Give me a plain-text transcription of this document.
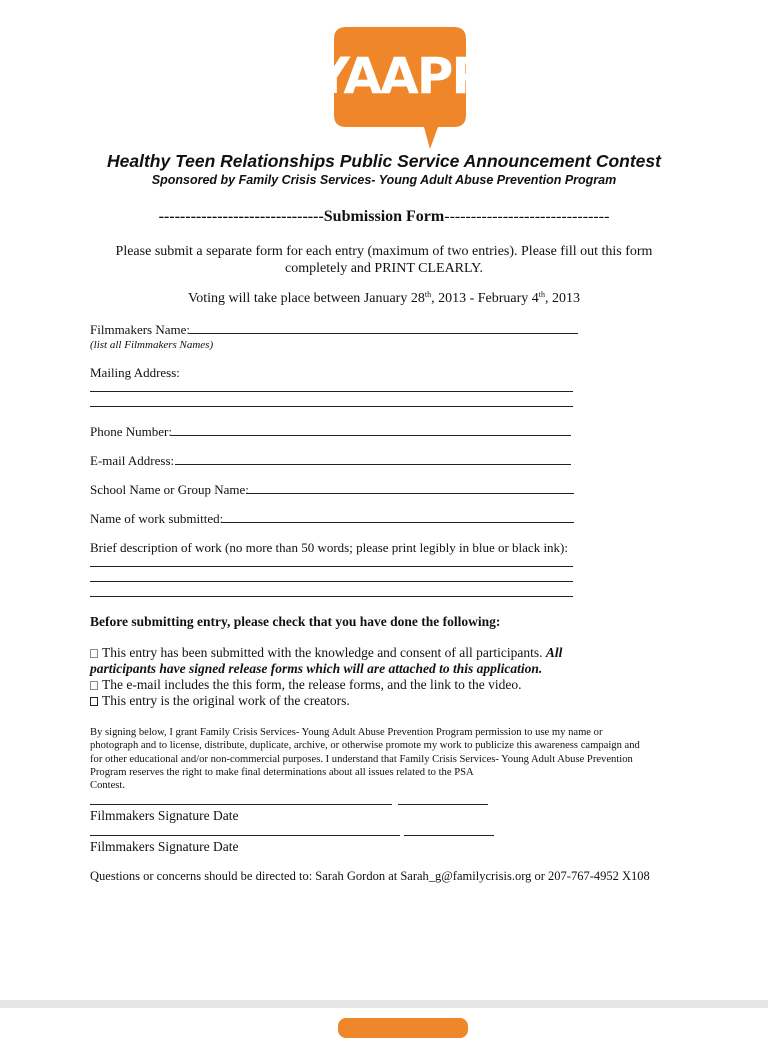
YAAPP
Healthy Teen Relationships Public Service Announcement Contest
Sponsored by Family Crisis Services- Young Adult Abuse Prevention Program
-------------------------------Submission Form-------------------------------
Please submit a separate form for each entry (maximum of two entries). Please fill out this form
completely and PRINT CLEARLY.
Voting will take place between January 28th, 2013 - February 4th, 2013
Filmmakers Name:
(list all Filmmakers Names)
Mailing Address:
Phone Number:
E-mail Address:
School Name or Group Name:
Name of work submitted:
Brief description of work (no more than 50 words; please print legibly in blue or black ink):
Before submitting entry, please check that you have done the following:
This entry has been submitted with the knowledge and consent of all participants. All
participants have signed release forms which will are attached to this application.
The e-mail includes the this form, the release forms, and the link to the video.
This entry is the original work of the creators.
By signing below, I grant Family Crisis Services- Young Adult Abuse Prevention Program permission to use my name or
photograph and to license, distribute, duplicate, archive, or otherwise promote my work to publicize this awareness campaign and
for other educational and/or non-commercial purposes. I understand that Family Crisis Services- Young Adult Abuse Prevention
Program reserves the right to make final determinations about all issues related to the PSA
Contest.
Filmmakers Signature Date
Filmmakers Signature Date
Questions or concerns should be directed to: Sarah Gordon at Sarah_g@familycrisis.org or 207-767-4952 X108
